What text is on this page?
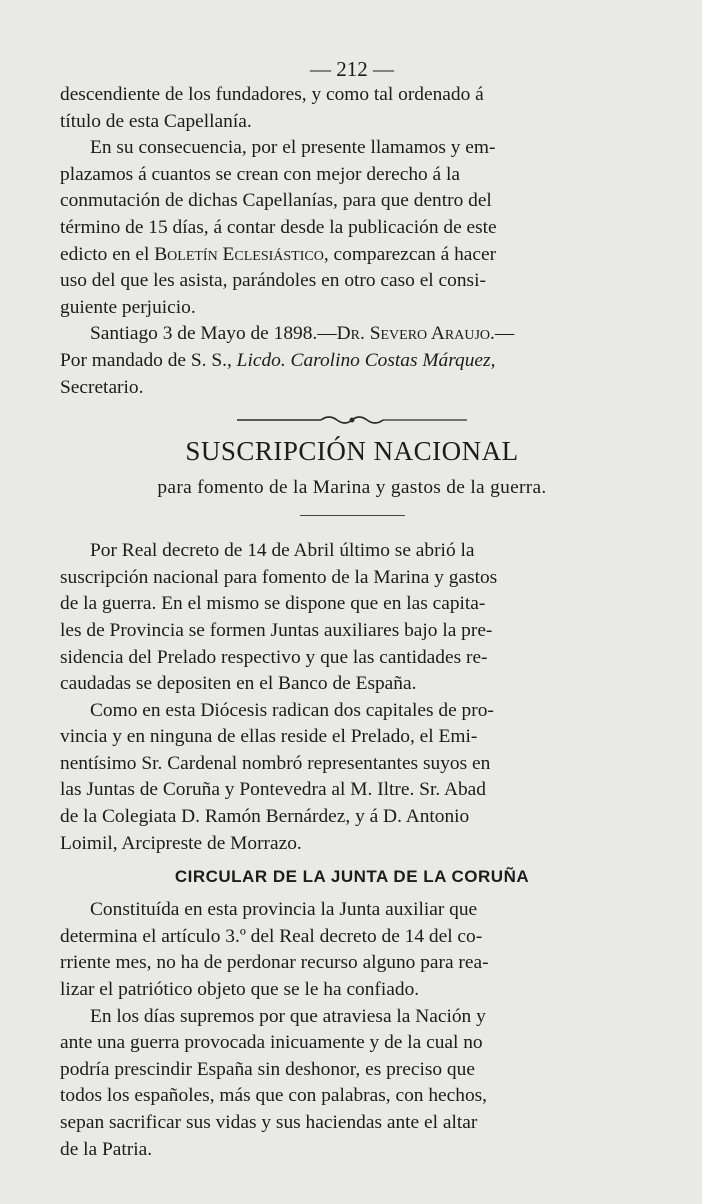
— 212 —

descendiente de los fundadores, y como tal ordenado á
título de esta Capellanía.

En su consecuencia, por el presente llamamos y em-
plazamos á cuantos se crean con mejor derecho á la
conmutación de dichas Capellanías, para que dentro del
término de 15 días, á contar desde la publicación de este
edicto en el Boletín Eclesiástico, comparezcan á hacer
uso del que les asista, parándoles en otro caso el consi-
guiente perjuicio.

Santiago 3 de Mayo de 1898.—Dr. Severo Araujo.—

Por mandado de S. S., Licdo. Carolino Costas Márquez,
Secretario.

SUSCRIPCIÓN NACIONAL
para fomento de la Marina y gastos de la guerra.

Por Real decreto de 14 de Abril último se abrió la
suscripción nacional para fomento de la Marina y gastos
de la guerra. En el mismo se dispone que en las capita-
les de Provincia se formen Juntas auxiliares bajo la pre-
sidencia del Prelado respectivo y que las cantidades re-
caudadas se depositen en el Banco de España.

Como en esta Diócesis radican dos capitales de pro-
vincia y en ninguna de ellas reside el Prelado, el Emi-
nentísimo Sr. Cardenal nombró representantes suyos en
las Juntas de Coruña y Pontevedra al M. Iltre. Sr. Abad
de la Colegiata D. Ramón Bernárdez, y á D. Antonio
Loimil, Arcipreste de Morrazo.

CIRCULAR DE LA JUNTA DE LA CORUÑA

Constituída en esta provincia la Junta auxiliar que
determina el artículo 3.º del Real decreto de 14 del co-
rriente mes, no ha de perdonar recurso alguno para rea-
lizar el patriótico objeto que se le ha confiado.

En los días supremos por que atraviesa la Nación y
ante una guerra provocada inicuamente y de la cual no
podría prescindir España sin deshonor, es preciso que
todos los españoles, más que con palabras, con hechos,
sepan sacrificar sus vidas y sus haciendas ante el altar
de la Patria.
